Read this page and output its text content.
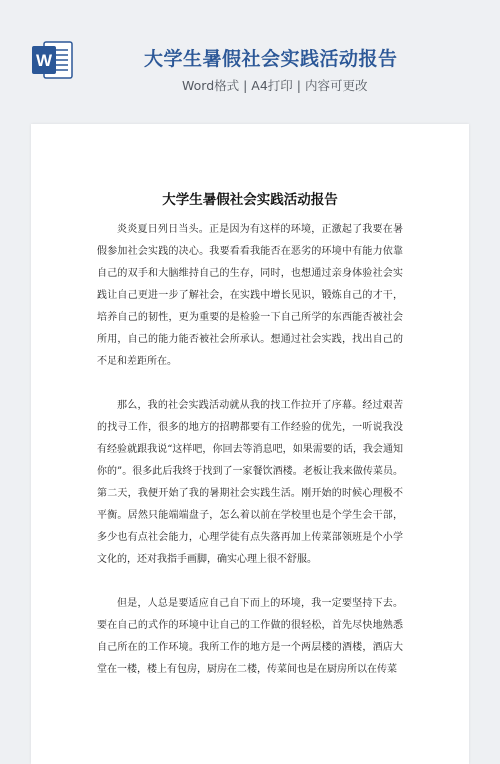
W	大学生暑假社会实践活动报告
Word格式 | A4打印 | 内容可更改
大学生暑假社会实践活动报告

炎炎夏日列日当头。正是因为有这样的环境，正激起了我要在暑假参加社会实践的决心。我要看看我能否在恶劣的环境中有能力依靠自己的双手和大脑维持自己的生存，同时，也想通过亲身体验社会实践让自己更进一步了解社会，在实践中增长见识，锻炼自己的才干，培养自己的韧性，更为重要的是检验一下自己所学的东西能否被社会所用，自己的能力能否被社会所承认。想通过社会实践，找出自己的不足和差距所在。

那么，我的社会实践活动就从我的找工作拉开了序幕。经过艰苦的找寻工作，很多的地方的招聘都要有工作经验的优先，一听说我没有经验就跟我说“这样吧，你回去等消息吧，如果需要的话，我会通知你的”。很多此后我终于找到了一家餐饮酒楼。老板让我来做传菜员。第二天，我便开始了我的暑期社会实践生活。刚开始的时候心理极不平衡。居然只能端端盘子，怎么着以前在学校里也是个学生会干部，多少也有点社会能力，心理学徒有点失落再加上传菜部领班是个小学文化的，还对我指手画脚，确实心理上很不舒服。

但是，人总是要适应自己自下而上的环境，我一定要坚持下去。要在自己的式作的环境中让自己的工作做的很轻松，首先尽快地熟悉自己所在的工作环境。我所工作的地方是一个两层楼的酒楼，酒店大堂在一楼，楼上有包房，厨房在二楼，传菜间也是在厨房所以在传菜
